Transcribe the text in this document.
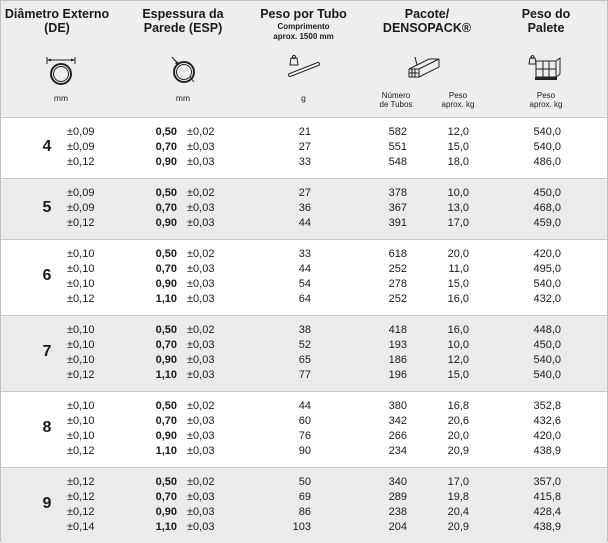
Diâmetro Externo
(DE)
Espessura da
Parede (ESP)
Peso por Tubo
Comprimento
aprox. 1500 mm
Pacote/
DENSOPACK®
Peso do
Palete
mm	mm	g	Número
de Tubos
Peso
aprox. kg
Peso
aprox. kg
4
±0,09	0,50 ±0,02	21	582	12,0	540,0
±0,09	0,70 ±0,03	27	551	15,0	540,0
±0,12	0,90 ±0,03	33	548	18,0	486,0
5
±0,09	0,50 ±0,02	27	378	10,0	450,0
±0,09	0,70 ±0,03	36	367	13,0	468,0
±0,12	0,90 ±0,03	44	391	17,0	459,0
6
±0,10	0,50 ±0,02	33	618	20,0	420,0
±0,10	0,70 ±0,03	44	252	11,0	495,0
±0,10	0,90 ±0,03	54	278	15,0	540,0
±0,12	1,10 ±0,03	64	252	16,0	432,0
7
±0,10	0,50 ±0,02	38	418	16,0	448,0
±0,10	0,70 ±0,03	52	193	10,0	450,0
±0,10	0,90 ±0,03	65	186	12,0	540,0
±0,12	1,10 ±0,03	77	196	15,0	540,0
8
±0,10	0,50 ±0,02	44	380	16,8	352,8
±0,10	0,70 ±0,03	60	342	20,6	432,6
±0,10	0,90 ±0,03	76	266	20,0	420,0
±0,12	1,10 ±0,03	90	234	20,9	438,9
9
±0,12	0,50 ±0,02	50	340	17,0	357,0
±0,12	0,70 ±0,03	69	289	19,8	415,8
±0,12	0,90 ±0,03	86	238	20,4	428,4
±0,14	1,10 ±0,03	103	204	20,9	438,9
